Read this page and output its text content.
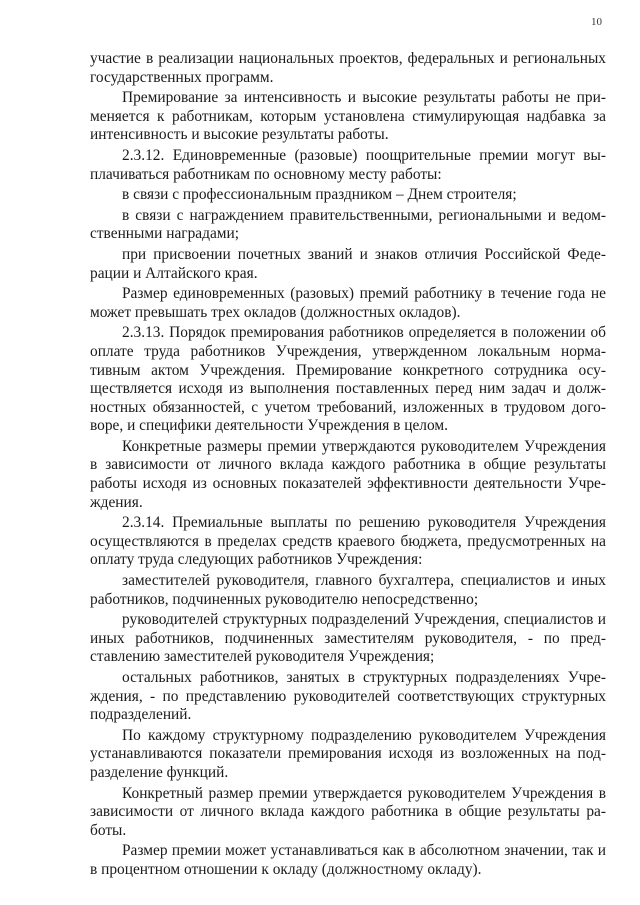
10

участие в реализации национальных проектов, федеральных и региональных государственных программ.

Премирование за интенсивность и высокие результаты работы не применяется к работникам, которым установлена стимулирующая надбавка за интенсивность и высокие результаты работы.

2.3.12. Единовременные (разовые) поощрительные премии могут выплачиваться работникам по основному месту работы:

в связи с профессиональным праздником – Днем строителя;

в связи с награждением правительственными, региональными и ведомственными наградами;

при присвоении почетных званий и знаков отличия Российской Федерации и Алтайского края.

Размер единовременных (разовых) премий работнику в течение года не может превышать трех окладов (должностных окладов).

2.3.13. Порядок премирования работников определяется в положении об оплате труда работников Учреждения, утвержденном локальным нормативным актом Учреждения. Премирование конкретного сотрудника осуществляется исходя из выполнения поставленных перед ним задач и должностных обязанностей, с учетом требований, изложенных в трудовом договоре, и специфики деятельности Учреждения в целом.

Конкретные размеры премии утверждаются руководителем Учреждения в зависимости от личного вклада каждого работника в общие результаты работы исходя из основных показателей эффективности деятельности Учреждения.

2.3.14. Премиальные выплаты по решению руководителя Учреждения осуществляются в пределах средств краевого бюджета, предусмотренных на оплату труда следующих работников Учреждения:

заместителей руководителя, главного бухгалтера, специалистов и иных работников, подчиненных руководителю непосредственно;

руководителей структурных подразделений Учреждения, специалистов и иных работников, подчиненных заместителям руководителя, - по представлению заместителей руководителя Учреждения;

остальных работников, занятых в структурных подразделениях Учреждения, - по представлению руководителей соответствующих структурных подразделений.

По каждому структурному подразделению руководителем Учреждения устанавливаются показатели премирования исходя из возложенных на подразделение функций.

Конкретный размер премии утверждается руководителем Учреждения в зависимости от личного вклада каждого работника в общие результаты работы.

Размер премии может устанавливаться как в абсолютном значении, так и в процентном отношении к окладу (должностному окладу).
